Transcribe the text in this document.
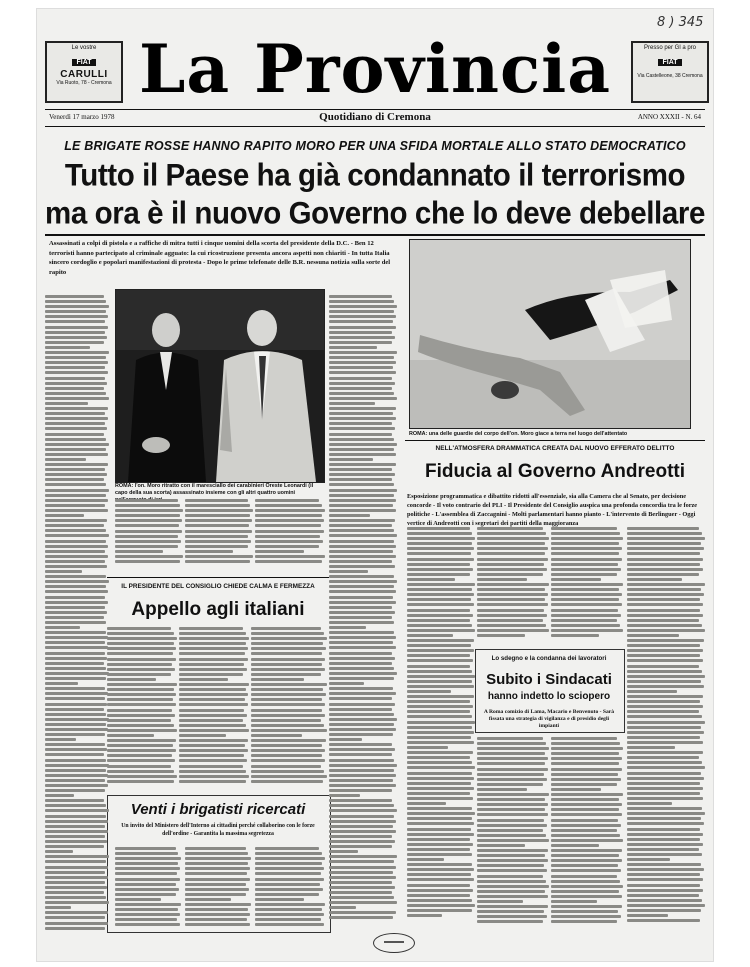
8 ) 345
Le vostre
FIAT
CARULLI
Via Ruoto, 78 - Cremona
Presso per Gl a pro
FIAT
Via Castelleone, 38 Cremona
La Provincia
Venerdì 17 marzo 1978	Quotidiano di Cremona	ANNO XXXII - N. 64
LE BRIGATE ROSSE HANNO RAPITO MORO PER UNA SFIDA MORTALE ALLO STATO DEMOCRATICO
Tutto il Paese ha già condannato il terrorismo
ma ora è il nuovo Governo che lo deve debellare
Assassinati a colpi di pistola e a raffiche di mitra tutti i cinque uomini della scorta del presidente della D.C. - Ben 12 terroristi hanno partecipato al criminale agguato: la cui ricostruzione presenta ancora aspetti non chiariti - In tutta Italia sincero cordoglio e popolari manifestazioni di protesta - Dopo le prime telefonate delle B.R. nessuna notizia sulla sorte del rapito
ROMA: l'on. Moro ritratto con il maresciallo dei carabinieri Oreste Leonardi (il capo della sua scorta) assassinato insieme con gli altri quattro uomini
ROMA: una delle guardie del corpo dell'on. Moro giace a terra nel luogo dell'attentato
NELL'ATMOSFERA DRAMMATICA CREATA DAL NUOVO EFFERATO DELITTO
Fiducia al Governo Andreotti
Esposizione programmatica e dibattito ridotti all'essenziale, sia alla Camera che al Senato, per decisione concorde - Il voto contrario del PLI - Il Presidente del Consiglio auspica una profonda concordia tra le forze politiche - L'assemblea di Zaccagnini - Molti parlamentari hanno pianto - L'intervento di Berlinguer - Oggi vertice di Andreotti con i segretari dei partiti della maggioranza
IL PRESIDENTE DEL CONSIGLIO CHIEDE CALMA E FERMEZZA
Appello agli italiani
Lo sdegno e la condanna dei lavoratori
Subito i Sindacati
hanno indetto lo sciopero
A Roma comizio di Lama, Macario e Benvenuto - Sarà fissata una strategia di vigilanza e di presidio degli impianti
Venti i brigatisti ricercati
Un invito del Ministero dell'Interno ai cittadini perché collaborino con le forze dell'ordine - Garantita la massima segretezza
